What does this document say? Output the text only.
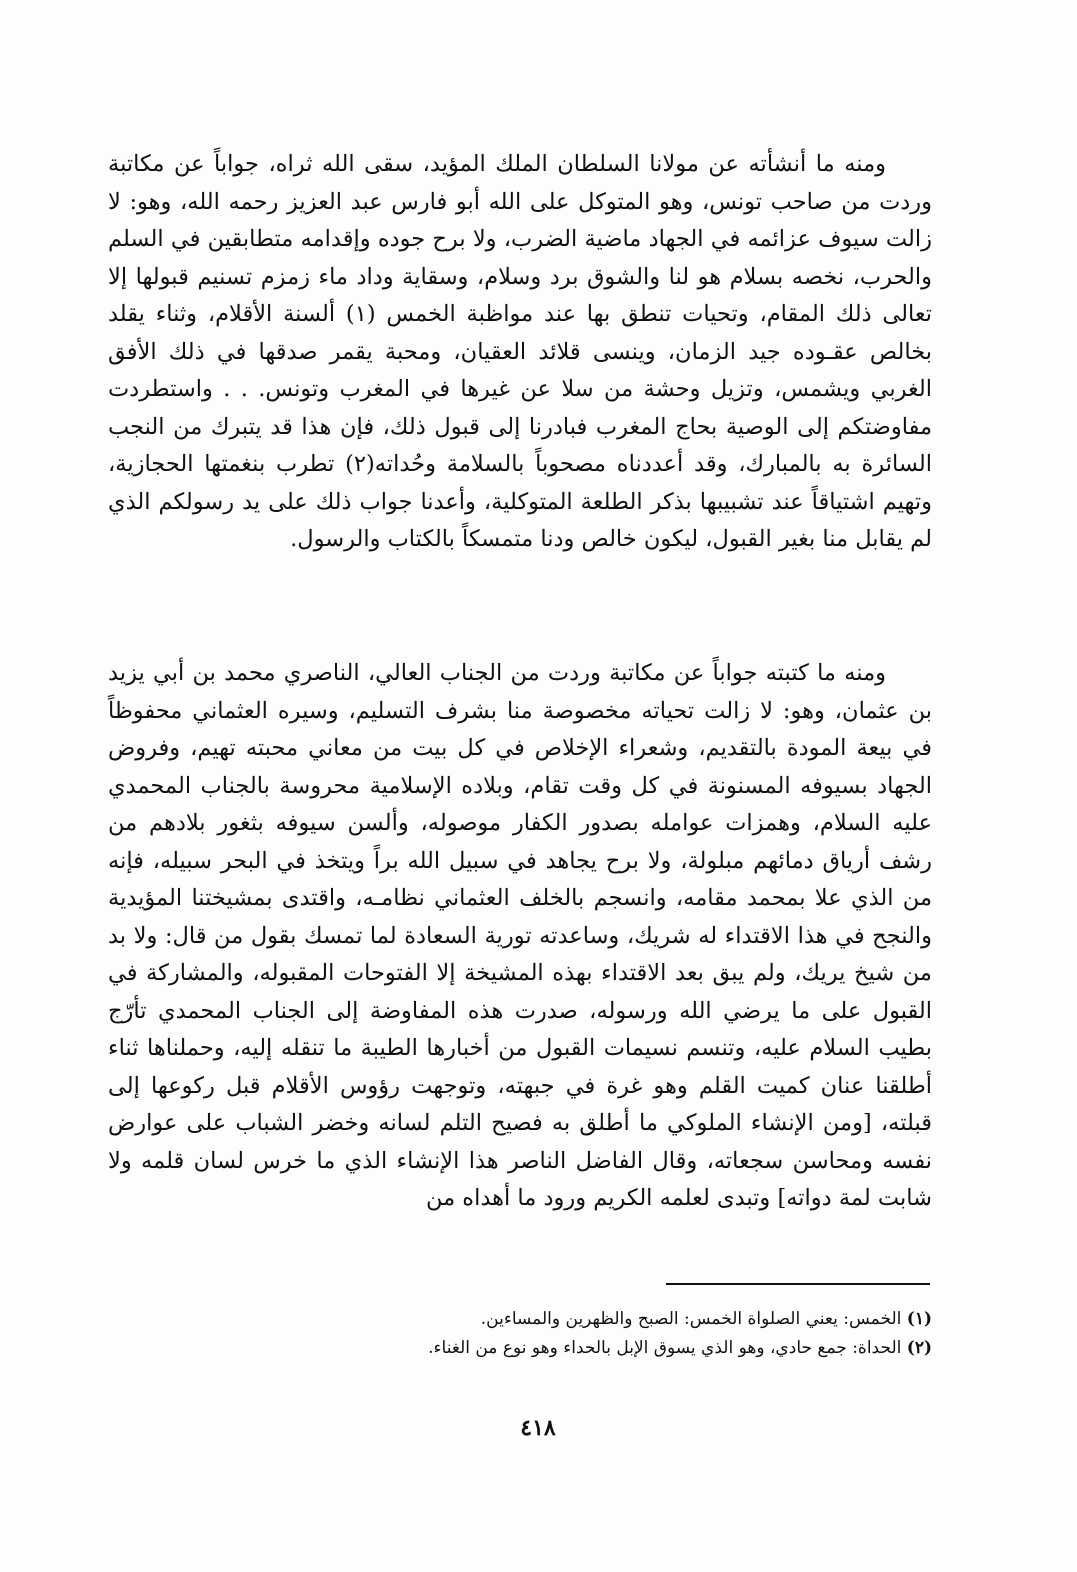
ومنه ما أنشأته عن مولانا السلطان الملك المؤيد، سقى الله ثراه، جواباً عن مكاتبة وردت من صاحب تونس، وهو المتوكل على الله أبو فارس عبد العزيز رحمه الله، وهو: لا زالت سيوف عزائمه في الجهاد ماضية الضرب، ولا برح جوده وإقدامه متطابقين في السلم والحرب، نخصه بسلام هو لنا والشوق برد وسلام، وسقاية وداد ماء زمزم تسنيم قبولها إلا تعالى ذلك المقام، وتحيات تنطق بها عند مواظبة الخمس (١) ألسنة الأقلام، وثناء يقلد بخالص عقـوده جيد الزمان، وينسى قلائد العقيان، ومحبة يقمر صدقها في ذلك الأفق الغربي ويشمس، وتزيل وحشة من سلا عن غيرها في المغرب وتونس. . . واستطردت مفاوضتكم إلى الوصية بحاج المغرب فبادرنا إلى قبول ذلك، فإن هذا قد يتبرك من النجب السائرة به بالمبارك، وقد أعددناه مصحوباً بالسلامة وحُداته(٢) تطرب بنغمتها الحجازية، وتهيم اشتياقاً عند تشبيبها بذكر الطلعة المتوكلية، وأعدنا جواب ذلك على يد رسولكم الذي لم يقابل منا بغير القبول، ليكون خالص ودنا متمسكاً بالكتاب والرسول.

ومنه ما كتبته جواباً عن مكاتبة وردت من الجناب العالي، الناصري محمد بن أبي يزيد بن عثمان، وهو: لا زالت تحياته مخصوصة منا بشرف التسليم، وسيره العثماني محفوظاً في بيعة المودة بالتقديم، وشعراء الإخلاص في كل بيت من معاني محبته تهيم، وفروض الجهاد بسيوفه المسنونة في كل وقت تقام، وبلاده الإسلامية محروسة بالجناب المحمدي عليه السلام، وهمزات عوامله بصدور الكفار موصوله، وألسن سيوفه بثغور بلادهم من رشف أرياق دمائهم مبلولة، ولا برح يجاهد في سبيل الله براً ويتخذ في البحر سبيله، فإنه من الذي علا بمحمد مقامه، وانسجم بالخلف العثماني نظامـه، واقتدى بمشيختنا المؤيدية والنجح في هذا الاقتداء له شريك، وساعدته تورية السعادة لما تمسك بقول من قال: ولا بد من شيخ يريك، ولم يبق بعد الاقتداء بهذه المشيخة إلا الفتوحات المقبوله، والمشاركة في القبول على ما يرضي الله ورسوله، صدرت هذه المفاوضة إلى الجناب المحمدي تأرّج بطيب السلام عليه، وتنسم نسيمات القبول من أخبارها الطيبة ما تنقله إليه، وحملناها ثناء أطلقنا عنان كميت القلم وهو غرة في جبهته، وتوجهت رؤوس الأقلام قبل ركوعها إلى قبلته، [ومن الإنشاء الملوكي ما أطلق به فصيح التلم لسانه وخضر الشباب على عوارض نفسه ومحاسن سجعاته، وقال الفاضل الناصر هذا الإنشاء الذي ما خرس لسان قلمه ولا شابت لمة دواته] وتبدى لعلمه الكريم ورود ما أهداه من

(١) الخمس: يعني الصلواة الخمس: الصبح والظهرين والمساءين.

(٢) الحداة: جمع حادي، وهو الذي يسوق الإبل بالحداء وهو نوع من الغناء.

٤١٨
